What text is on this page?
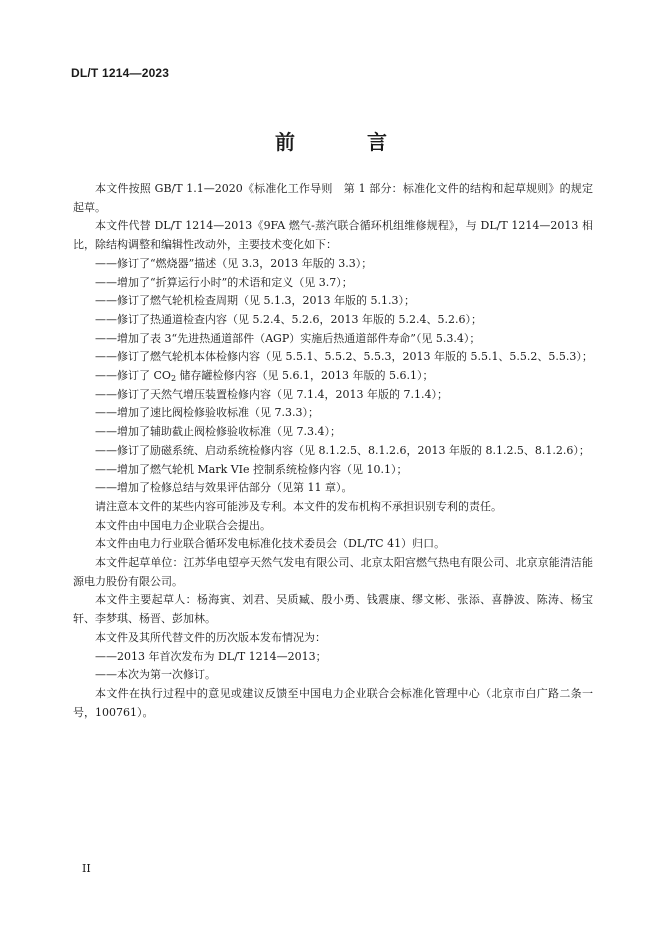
DL/T 1214—2023
前　言

本文件按照 GB/T 1.1—2020《标准化工作导则　第 1 部分：标准化文件的结构和起草规则》的规定起草。

本文件代替 DL/T 1214—2013《9FA 燃气-蒸汽联合循环机组维修规程》，与 DL/T 1214—2013 相比，除结构调整和编辑性改动外，主要技术变化如下：

——修订了“燃烧器”描述（见 3.3，2013 年版的 3.3）；

——增加了“折算运行小时”的术语和定义（见 3.7）；

——修订了燃气轮机检查周期（见 5.1.3，2013 年版的 5.1.3）；

——修订了热通道检查内容（见 5.2.4、5.2.6，2013 年版的 5.2.4、5.2.6）；

——增加了表 3“先进热通道部件（AGP）实施后热通道部件寿命”（见 5.3.4）；

——修订了燃气轮机本体检修内容（见 5.5.1、5.5.2、5.5.3，2013 年版的 5.5.1、5.5.2、5.5.3）；

——修订了 $CO_2$ 储存罐检修内容（见 5.6.1，2013 年版的 5.6.1）；

——修订了天然气增压装置检修内容（见 7.1.4，2013 年版的 7.1.4）；

——增加了速比阀检修验收标准（见 7.3.3）；

——增加了辅助截止阀检修验收标准（见 7.3.4）；

——修订了励磁系统、启动系统检修内容（见 8.1.2.5、8.1.2.6，2013 年版的 8.1.2.5、8.1.2.6）；

——增加了燃气轮机 Mark VIe 控制系统检修内容（见 10.1）；

——增加了检修总结与效果评估部分（见第 11 章）。

请注意本文件的某些内容可能涉及专利。本文件的发布机构不承担识别专利的责任。

本文件由中国电力企业联合会提出。

本文件由电力行业联合循环发电标准化技术委员会（DL/TC 41）归口。

本文件起草单位：江苏华电望亭天然气发电有限公司、北京太阳宫燃气热电有限公司、北京京能清洁能源电力股份有限公司。

本文件主要起草人：杨海寅、刘君、吴质臧、殷小勇、钱震康、缪文彬、张添、喜静波、陈涛、杨宝轩、李梦琪、杨晋、彭加林。

本文件及其所代替文件的历次版本发布情况为：

——2013 年首次发布为 DL/T 1214—2013；

——本次为第一次修订。

本文件在执行过程中的意见或建议反馈至中国电力企业联合会标准化管理中心（北京市白广路二条一号，100761）。

II
